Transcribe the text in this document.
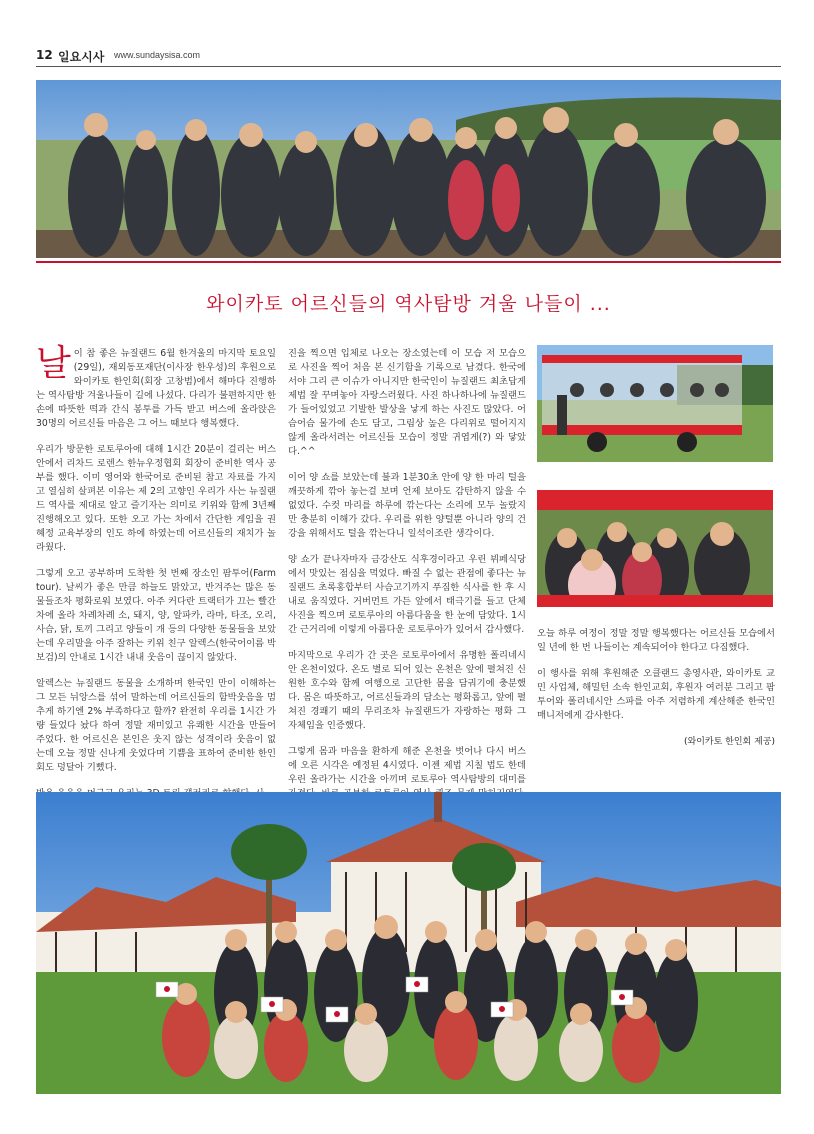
12 일요시사 www.sundaysisa.com
와이카토 어르신들의 역사탐방 겨울 나들이 ...

날이 참 좋은 뉴질랜드 6월 한겨울의 마지막 토요일(29일), 재외동포재단(이사장 한우성)의 후원으로 와이카토 한인회(회장 고창범)에서 해마다 진행하는 역사탐방 겨울나들이 길에 나섰다. 다리가 불편하지만 한 손에 따뜻한 떡과 간식 봉투를 가득 받고 버스에 올라앉은 30명의 어르신들 마음은 그 어느 때보다 행복했다.

우리가 방문한 로토루아에 대해 1시간 20분이 걸리는 버스 안에서 리차드 로렌스 한뉴우정협회 회장이 준비한 역사 공부를 했다. 이미 영어와 한국어로 준비된 참고 자료를 가지고 열심히 살펴본 이유는 제 2의 고향인 우리가 사는 뉴질랜드 역사를 제대로 알고 즐기자는 의미로 키위와 함께 3년째 진행해오고 있다. 또한 오고 가는 차에서 간단한 게임을 권혜정 교육부장의 인도 하에 하였는데 어르신들의 재치가 놀라웠다.

그렇게 오고 공부하며 도착한 첫 번째 장소인 팜투어(Farm tour). 날씨가 좋은 만큼 하늘도 맑았고, 반겨주는 많은 동물들조차 평화로워 보였다. 아주 커다란 트랙터가 끄는 빨간 차에 올라 차례차례 소, 돼지, 양, 알파카, 라마, 타조, 오리, 사슴, 닭, 토끼 그리고 양들이 개 등의 다양한 동물들을 보았는데 우리말을 아주 잘하는 키위 친구 알렉스(한국어이름 박보검)의 안내로 1시간 내내 웃음이 끊이지 않았다.

알렉스는 뉴질랜드 동물을 소개하며 한국인 만이 이해하는 그 모든 뉘앙스를 섞어 말하는데 어르신들의 함박웃음을 멈추게 하기엔 2% 부족하다고 할까? 완전히 우리를 1시간 가량 들었다 놨다 하여 정말 재미있고 유쾌한 시간을 만들어 주었다. 한 어르신은 본인은 웃지 않는 성격이라 웃음이 없는데 오늘 정말 신나게 웃었다며 기쁨을 표하여 준비한 한인회도 덩달아 기뻤다.

진을 찍으면 입체로 나오는 장소였는데 이 모습 저 모습으로 사진을 찍어 처음 본 신기함을 기록으로 남겼다. 한국에서야 그리 큰 이슈가 아니지만 한국인이 뉴질랜드 최초답게 제법 잘 꾸며놓아 자랑스러웠다. 사진 하나하나에 뉴질랜드가 들어있었고 기발한 발상을 낳게 하는 사진도 많았다. 어슴어슴 물가에 손도 담고, 그림상 높은 다리위로 떨어지지 않게 올라서려는 어르신들 모습이 정말 귀엽게(?) 와 닿았다.^^

이어 양 쇼를 보았는데 불과 1분30초 안에 양 한 마리 털을 깨끗하게 깎아 놓는걸 보며 언제 보아도 감탄하지 않을 수 없었다. 수컷 마리를 하루에 깎는다는 소리에 모두 놀랐지만 충분히 이해가 갔다. 우리를 위한 양털뿐 아니라 양의 건강을 위해서도 털을 깎는다니 일석이조란 생각이다.

양 쇼가 끝나자마자 금강산도 식후경이라고 우린 뷔페식당에서 맛있는 점심을 먹었다. 빠질 수 없는 관점에 좋다는 뉴질랜드 초록홍합부터 사슴고기까지 푸짐한 식사를 한 후 시내로 움직였다. 거버먼트 가든 앞에서 태극기를 들고 단체 사진을 찍으며 로토루아의 아름다움을 한 눈에 담았다. 1시간 근거리에 이렇게 아름다운 로토루아가 있어서 감사했다.

마지막으로 우리가 간 곳은 로토루아에서 유명한 폴리네시안 온천이었다. 온도 별로 되어 있는 온천은 앞에 펼쳐진 신원한 호수와 함께 여행으로 고단한 몸을 담궈기에 충분했다. 몸은 따뜻하고, 어르신들과의 담소는 평화롭고, 앞에 펼쳐진 경쾌기 때의 무리조차 뉴질랜드가 자랑하는 평화 그 자체임을 인증했다.

그렇게 몸과 마음을 환하게 해준 온천을 벗어나 다시 버스에 오른 시각은 예정된 4시였다. 이젠 제법 지칠 법도 한데 우린 올라가는 시간을 아끼며 로토루아 역사탐방의 대미를

오늘 하루 여정이 정말 정말 행복했다는 어르신들 모습에서 일 년에 한 번 나들이는 계속되어야 한다고 다짐했다.

이 행사를 위해 후원해준 오클랜드 총영사관, 와이카토 교민 사업체, 해밀턴 소속 한인교회, 후원자 여러분 그리고 팜투어와 폴리네시안 스파를 아주 저렴하게 계산해준 한국인 매니저에게 감사한다.

(와이카토 한인회 제공)
